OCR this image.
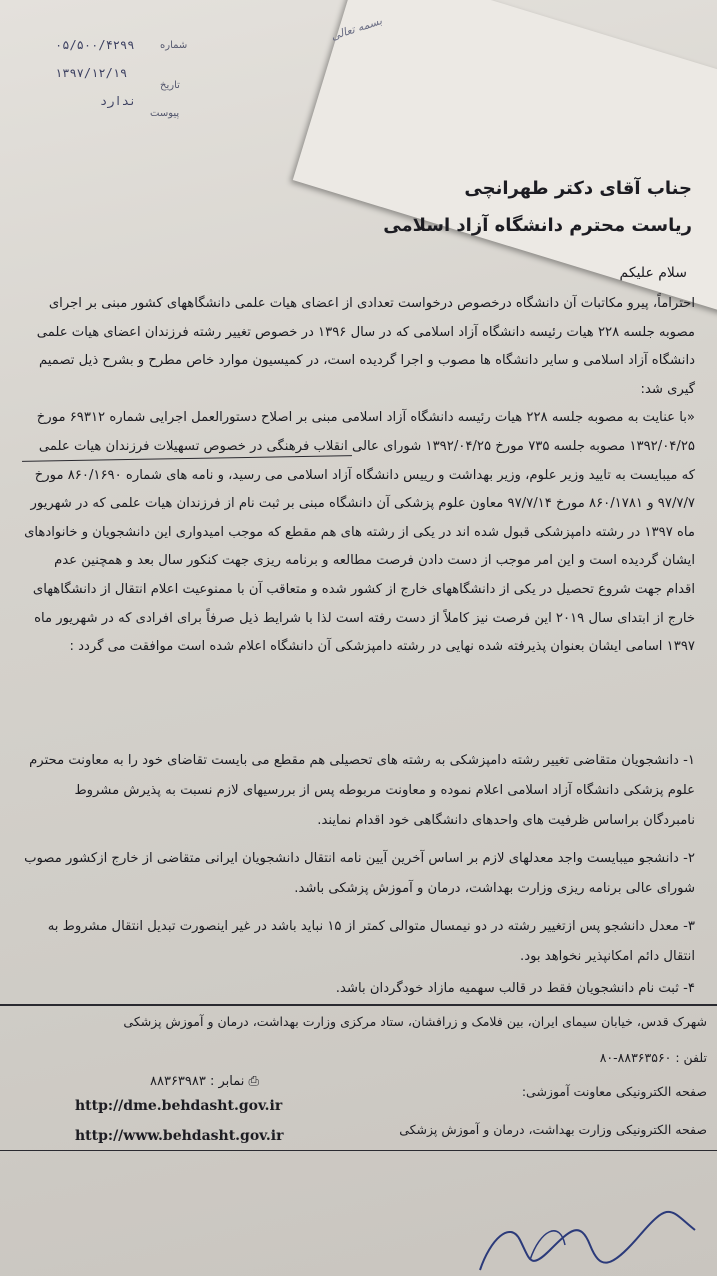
۰۵/۵۰۰/۴۲۹۹	شماره
۱۳۹۷/۱۲/۱۹
تاریخ
ندارد
پیوست
بسمه تعالی
جناب آقای دکتر طهرانچی
ریاست محترم دانشگاه آزاد اسلامی
سلام علیکم

احتراماً، پیرو مکاتبات آن دانشگاه درخصوص درخواست تعدادی از اعضای هیات علمی دانشگاههای کشور مبنی بر اجرای مصوبه جلسه ۲۲۸ هیات رئیسه دانشگاه آزاد اسلامی که در سال ۱۳۹۶ در خصوص تغییر رشته فرزندان اعضای هیات علمی دانشگاه آزاد اسلامی و سایر دانشگاه ها مصوب و اجرا گردیده است، در کمیسیون موارد خاص مطرح و بشرح ذیل تصمیم گیری شد:

«با عنایت به مصوبه جلسه ۲۲۸ هیات رئیسه دانشگاه آزاد اسلامی مبنی بر اصلاح دستورالعمل اجرایی شماره ۶۹۳۱۲ مورخ ۱۳۹۲/۰۴/۲۵ مصوبه جلسه ۷۳۵ مورخ ۱۳۹۲/۰۴/۲۵ شورای عالی انقلاب فرهنگی در خصوص تسهیلات فرزندان هیات علمی که میبایست به تایید وزیر علوم، وزیر بهداشت و رییس دانشگاه آزاد اسلامی می رسید، و نامه های شماره ۸۶۰/۱۶۹۰ مورخ ۹۷/۷/۷ و ۸۶۰/۱۷۸۱ مورخ ۹۷/۷/۱۴ معاون علوم پزشکی آن دانشگاه مبنی بر ثبت نام از فرزندان هیات علمی که در شهریور ماه ۱۳۹۷ در رشته دامپزشکی قبول شده اند در یکی از رشته های هم مقطع که موجب امیدواری این دانشجویان و خانوادهای ایشان گردیده است و این امر موجب از دست دادن فرصت مطالعه و برنامه ریزی جهت کنکور سال بعد و همچنین عدم اقدام جهت شروع تحصیل در یکی از دانشگاههای خارج از کشور شده و متعاقب آن با ممنوعیت اعلام انتقال از دانشگاههای خارج از ابتدای سال ۲۰۱۹ این فرصت نیز کاملاً از دست رفته است لذا با شرایط ذیل صرفاً برای افرادی که در شهریور ماه ۱۳۹۷ اسامی ایشان بعنوان پذیرفته شده نهایی در رشته دامپزشکی آن دانشگاه اعلام شده است موافقت می گردد :

۱- دانشجویان متقاضی تغییر رشته دامپزشکی به رشته های تحصیلی هم مقطع می بایست تقاضای خود را به معاونت محترم علوم پزشکی دانشگاه آزاد اسلامی اعلام نموده و معاونت مربوطه پس از بررسیهای لازم نسبت به پذیرش مشروط نامبردگان براساس ظرفیت های واحدهای دانشگاهی خود اقدام نمایند.
۲- دانشجو میبایست واجد معدلهای لازم بر اساس آخرین آیین نامه انتقال دانشجویان ایرانی متقاضی از خارج ازکشور مصوب شورای عالی برنامه ریزی وزارت بهداشت، درمان و آموزش پزشکی باشد.
۳- معدل دانشجو پس ازتغییر رشته در دو نیمسال متوالی کمتر از ۱۵ نباید باشد در غیر اینصورت تبدیل انتقال مشروط به انتقال دائم امکانپذیر نخواهد بود.
۴- ثبت نام دانشجویان فقط در قالب سهمیه مازاد خودگردان باشد.
شهرک قدس، خیابان سیمای ایران، بین فلامک و زرافشان، ستاد مرکزی وزارت بهداشت، درمان و آموزش پزشکی
تلفن : ۸۸۳۶۳۵۶۰-۸۰
⎙ نمابر : ۸۸۳۶۳۹۸۳
صفحه الکترونیکی معاونت آموزشی:
http://dme.behdasht.gov.ir
صفحه الکترونیکی وزارت بهداشت، درمان و آموزش پزشکی
http://www.behdasht.gov.ir
